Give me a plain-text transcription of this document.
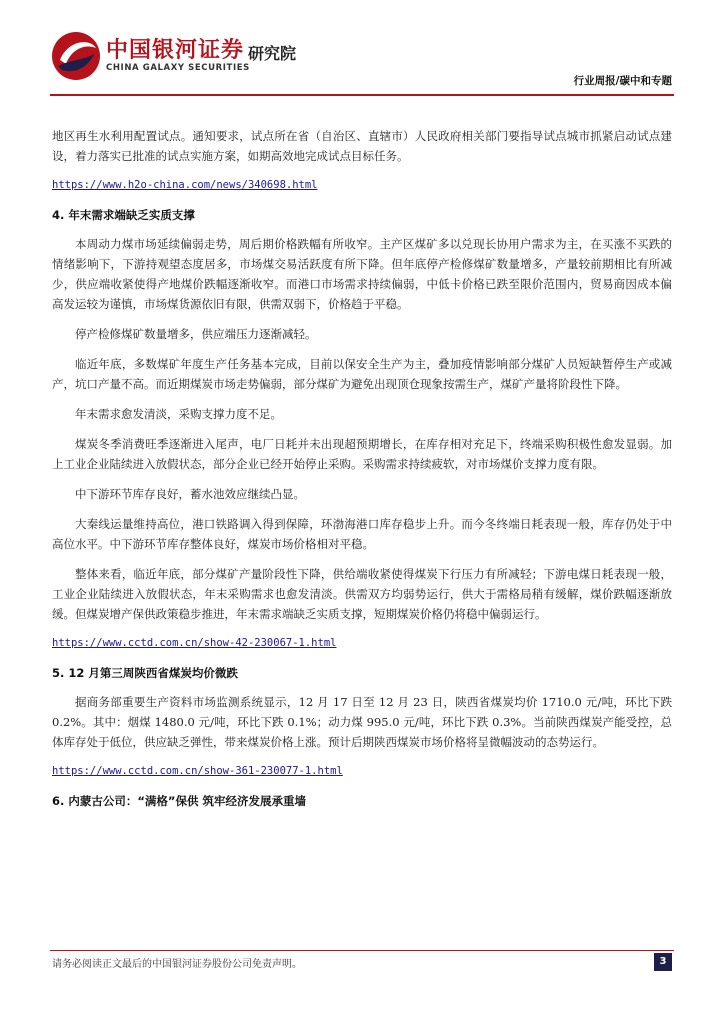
中国银河证券 研究院
CHINA GALAXY SECURITIES
行业周报/碳中和专题

地区再生水利用配置试点。通知要求，试点所在省（自治区、直辖市）人民政府相关部门要指导试点城市抓紧启动试点建设，着力落实已批准的试点实施方案，如期高效地完成试点目标任务。

https://www.h2o-china.com/news/340698.html
4. 年末需求端缺乏实质支撑

本周动力煤市场延续偏弱走势，周后期价格跌幅有所收窄。主产区煤矿多以兑现长协用户需求为主，在买涨不买跌的情绪影响下，下游持观望态度居多，市场煤交易活跃度有所下降。但年底停产检修煤矿数量增多，产量较前期相比有所减少，供应端收紧使得产地煤价跌幅逐渐收窄。而港口市场需求持续偏弱，中低卡价格已跌至限价范围内，贸易商因成本偏高发运较为谨慎，市场煤货源依旧有限，供需双弱下，价格趋于平稳。

停产检修煤矿数量增多，供应端压力逐渐减轻。

临近年底，多数煤矿年度生产任务基本完成，目前以保安全生产为主，叠加疫情影响部分煤矿人员短缺暂停生产或减产，坑口产量不高。而近期煤炭市场走势偏弱，部分煤矿为避免出现顶仓现象按需生产，煤矿产量将阶段性下降。

年末需求愈发清淡，采购支撑力度不足。

煤炭冬季消费旺季逐渐进入尾声，电厂日耗并未出现超预期增长，在库存相对充足下，终端采购积极性愈发显弱。加上工业企业陆续进入放假状态，部分企业已经开始停止采购。采购需求持续疲软，对市场煤价支撑力度有限。

中下游环节库存良好，蓄水池效应继续凸显。

大秦线运量维持高位，港口铁路调入得到保障，环渤海港口库存稳步上升。而今冬终端日耗表现一般，库存仍处于中高位水平。中下游环节库存整体良好，煤炭市场价格相对平稳。

整体来看，临近年底，部分煤矿产量阶段性下降，供给端收紧使得煤炭下行压力有所减轻；下游电煤日耗表现一般，工业企业陆续进入放假状态，年末采购需求也愈发清淡。供需双方均弱势运行，供大于需格局稍有缓解，煤价跌幅逐渐放缓。但煤炭增产保供政策稳步推进，年末需求端缺乏实质支撑，短期煤炭价格仍将稳中偏弱运行。

https://www.cctd.com.cn/show-42-230067-1.html
5. 12 月第三周陕西省煤炭均价微跌

据商务部重要生产资料市场监测系统显示，12 月 17 日至 12 月 23 日，陕西省煤炭均价 1710.0 元/吨，环比下跌 0.2%。其中：烟煤 1480.0 元/吨，环比下跌 0.1%；动力煤 995.0 元/吨，环比下跌 0.3%。当前陕西煤炭产能受控，总体库存处于低位，供应缺乏弹性，带来煤炭价格上涨。预计后期陕西煤炭市场价格将呈微幅波动的态势运行。

https://www.cctd.com.cn/show-361-230077-1.html
6. 内蒙古公司：“满格”保供 筑牢经济发展承重墙
请务必阅读正文最后的中国银河证券股份公司免责声明。	3
